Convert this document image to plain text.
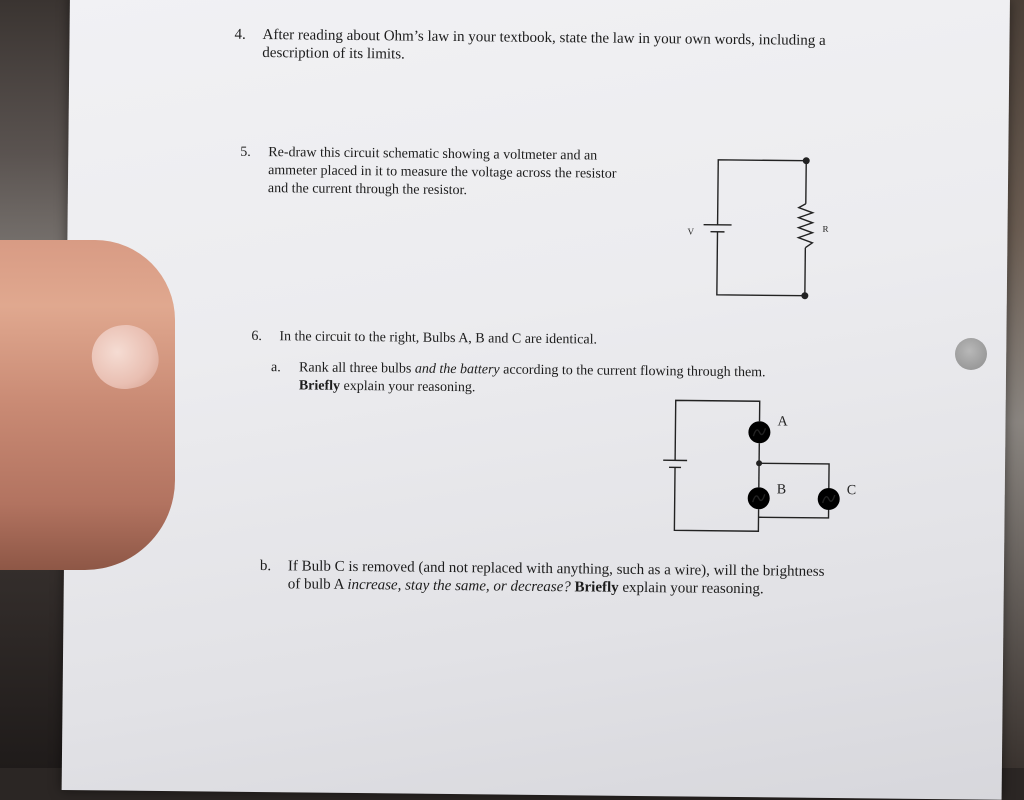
4. After reading about Ohm’s law in your textbook, state the law in your own words, including a
description of its limits.
5. Re-draw this circuit schematic showing a voltmeter and an
ammeter placed in it to measure the voltage across the resistor
and the current through the resistor.
V	R
6. In the circuit to the right, Bulbs A, B and C are identical.
a. Rank all three bulbs and the battery according to the current flowing through them.
Briefly explain your reasoning.
A
B	C
b. If Bulb C is removed (and not replaced with anything, such as a wire), will the brightness
of bulb A increase, stay the same, or decrease? Briefly explain your reasoning.
